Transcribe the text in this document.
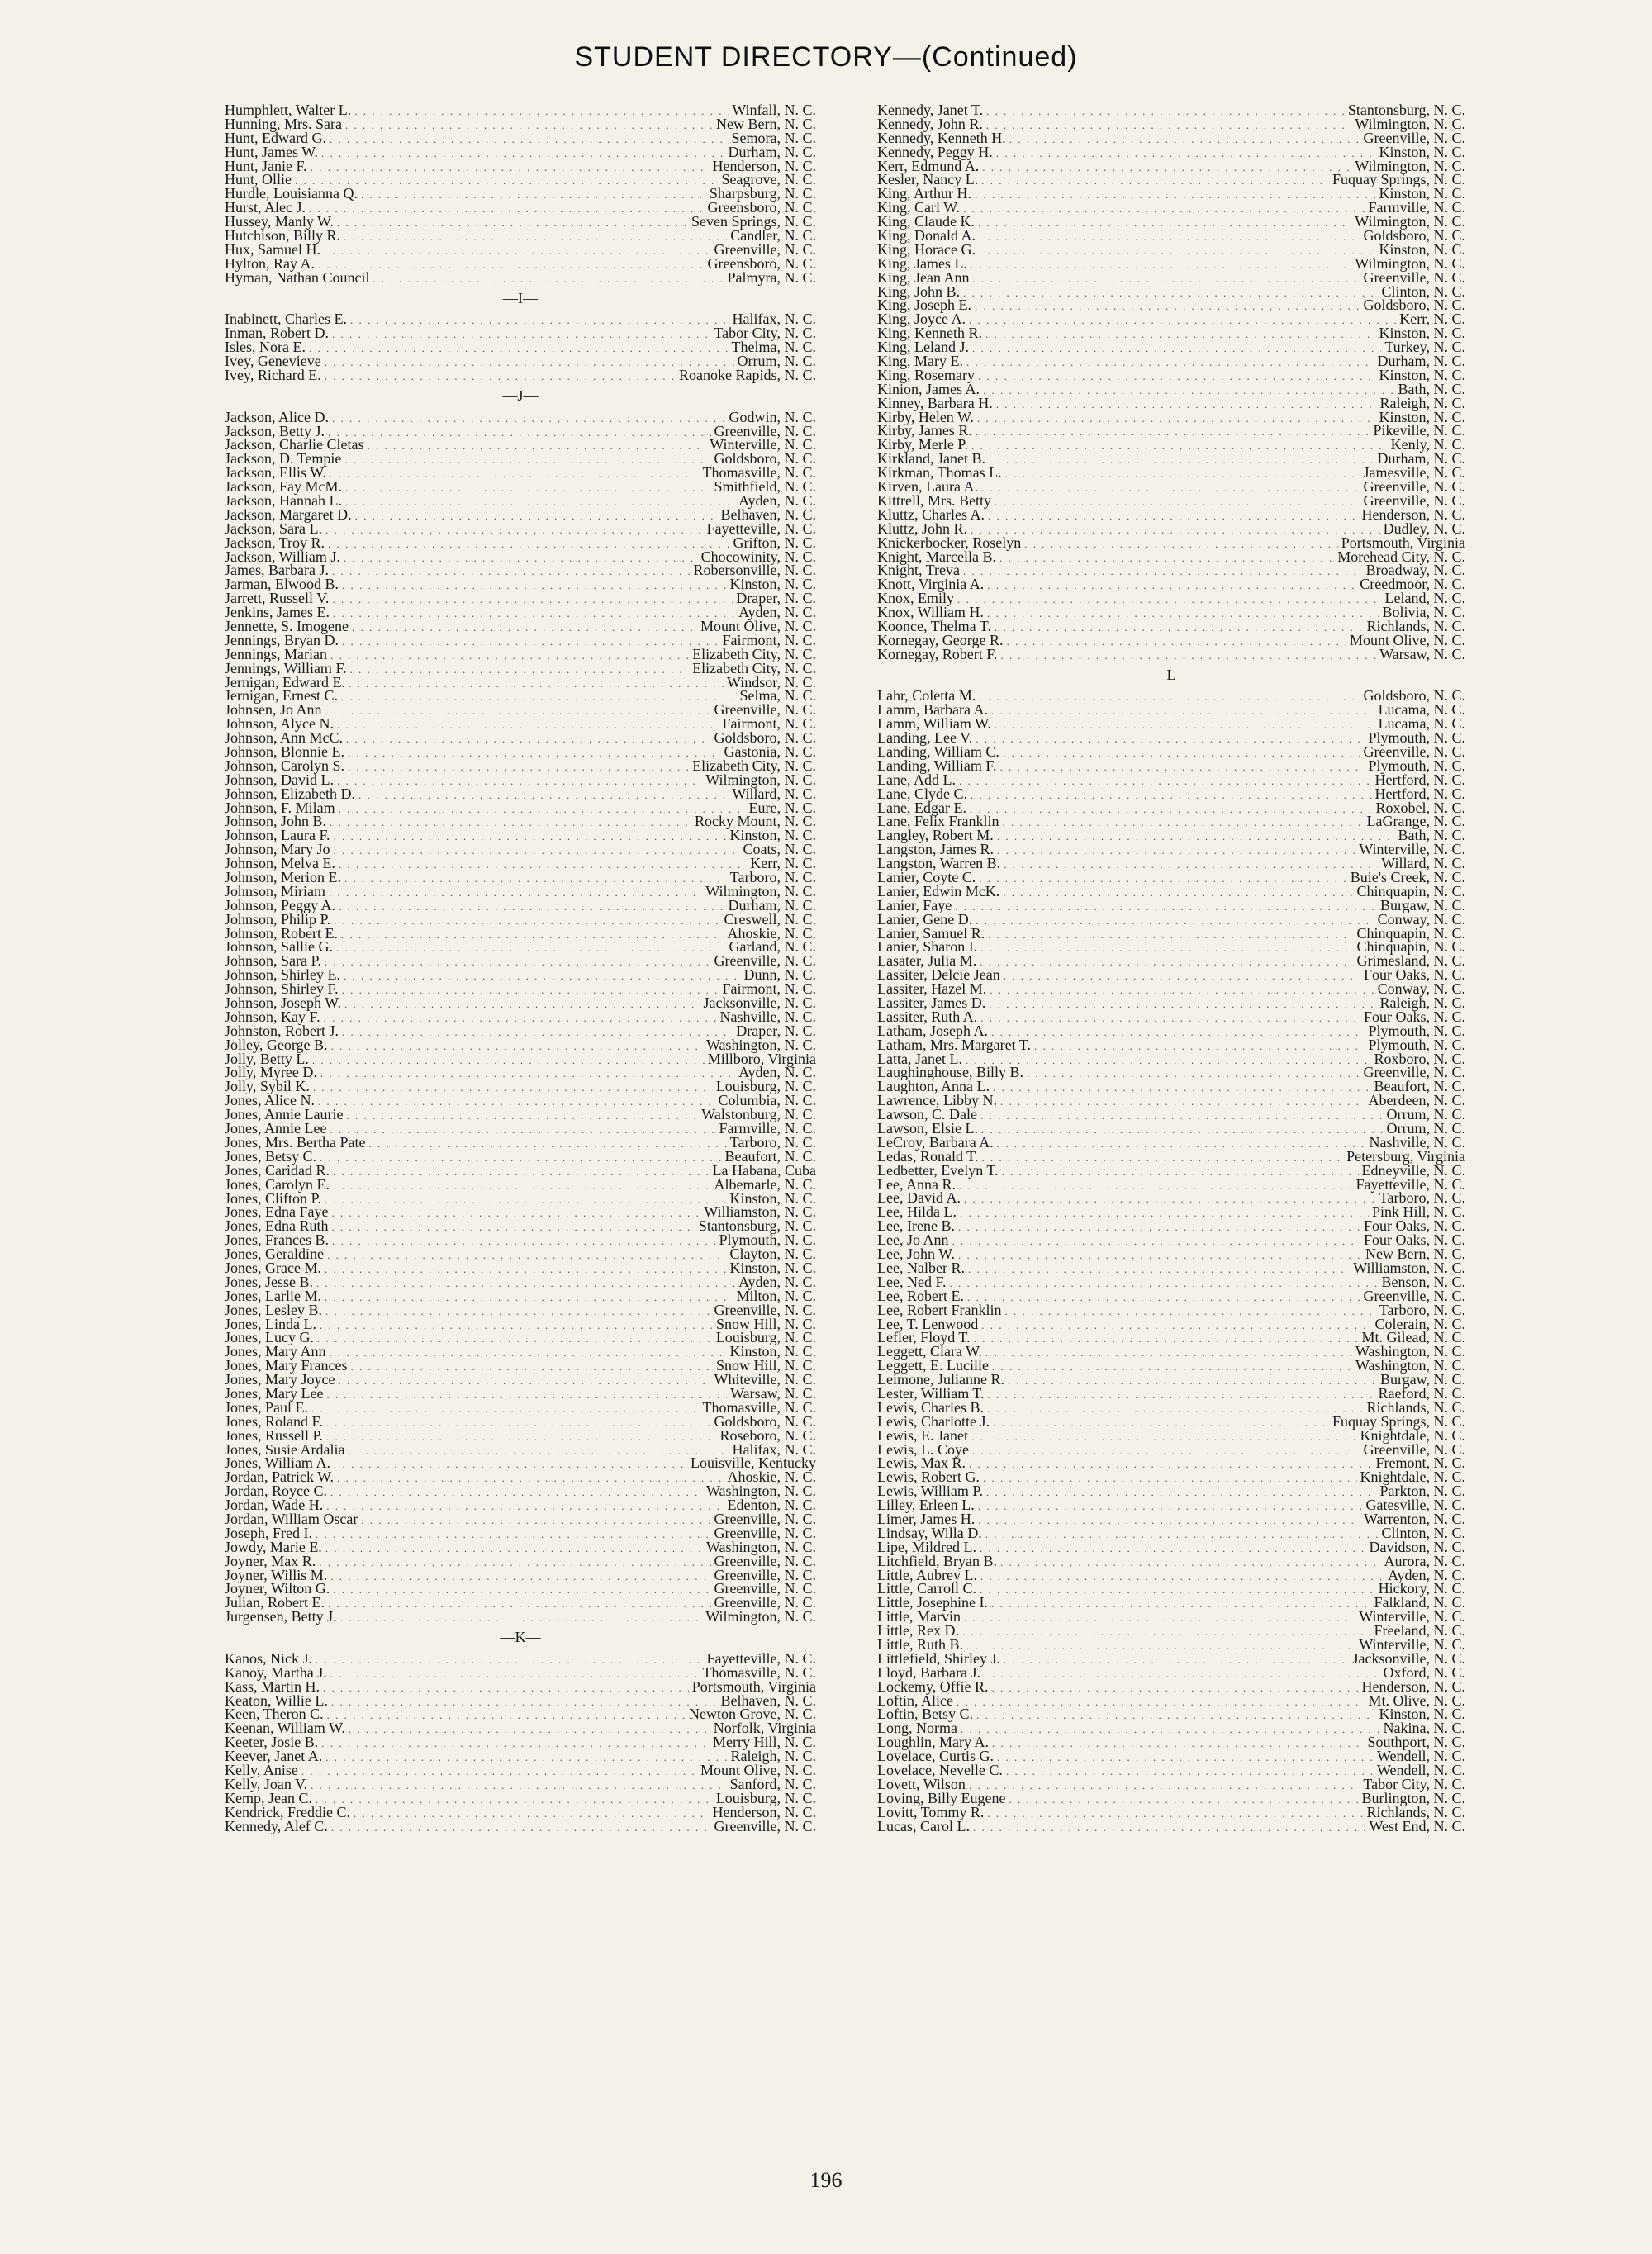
STUDENT DIRECTORY—(Continued)
Humphlett, Walter L. . . .	Winfall, N. C.
Hunning, Mrs. Sara . . .	New Bern, N. C.
Hunt, Edward G. . . .	Semora, N. C.
Hunt, James W. . . .	Durham, N. C.
Hunt, Janie F. . . .	Henderson, N. C.
Hunt, Ollie . . .	Seagrove, N. C.
Hurdle, Louisianna Q. . . .	Sharpsburg, N. C.
Hurst, Alec J. . . .	Greensboro, N. C.
Hussey, Manly W. . . .	Seven Springs, N. C.
Hutchison, Billy R. . . .	Candler, N. C.
Hux, Samuel H. . . .	Greenville, N. C.
Hylton, Ray A. . . .	Greensboro, N. C.
Hyman, Nathan Council . . .	Palmyra, N. C.
—I—
Inabinett, Charles E. . . .	Halifax, N. C.
Inman, Robert D. . . .	Tabor City, N. C.
Isles, Nora E. . . .	Thelma, N. C.
Ivey, Genevieve . . .	Orrum, N. C.
Ivey, Richard E. . . .	Roanoke Rapids, N. C.
—J—
Jackson, Alice D. . . .	Godwin, N. C.
Jackson, Betty J. . . .	Greenville, N. C.
Jackson, Charlie Cletas . . .	Winterville, N. C.
Jackson, D. Tempie . . .	Goldsboro, N. C.
Jackson, Ellis W. . . .	Thomasville, N. C.
Jackson, Fay McM. . . .	Smithfield, N. C.
Jackson, Hannah L. . . .	Ayden, N. C.
Jackson, Margaret D. . . .	Belhaven, N. C.
Jackson, Sara L. . . .	Fayetteville, N. C.
Jackson, Troy R. . . .	Grifton, N. C.
Jackson, William J. . . .	Chocowinity, N. C.
James, Barbara J. . . .	Robersonville, N. C.
Jarman, Elwood B. . . .	Kinston, N. C.
Jarrett, Russell V. . . .	Draper, N. C.
Jenkins, James E. . . .	Ayden, N. C.
Jennette, S. Imogene . . .	Mount Olive, N. C.
Jennings, Bryan D. . . .	Fairmont, N. C.
Jennings, Marian . . .	Elizabeth City, N. C.
Jennings, William F. . . .	Elizabeth City, N. C.
Jernigan, Edward E. . . .	Windsor, N. C.
Jernigan, Ernest C. . . .	Selma, N. C.
Johnsen, Jo Ann . . .	Greenville, N. C.
Johnson, Alyce N. . . .	Fairmont, N. C.
Johnson, Ann McC. . . .	Goldsboro, N. C.
Johnson, Blonnie E. . . .	Gastonia, N. C.
Johnson, Carolyn S. . . .	Elizabeth City, N. C.
Johnson, David L. . . .	Wilmington, N. C.
Johnson, Elizabeth D. . . .	Willard, N. C.
Johnson, F. Milam . . .	Eure, N. C.
Johnson, John B. . . .	Rocky Mount, N. C.
Johnson, Laura F. . . .	Kinston, N. C.
Johnson, Mary Jo . . .	Coats, N. C.
Johnson, Melva E. . . .	Kerr, N. C.
Johnson, Merion E. . . .	Tarboro, N. C.
Johnson, Miriam . . .	Wilmington, N. C.
Johnson, Peggy A. . . .	Durham, N. C.
Johnson, Philip P. . . .	Creswell, N. C.
Johnson, Robert E. . . .	Ahoskie, N. C.
Johnson, Sallie G. . . .	Garland, N. C.
Johnson, Sara P. . . .	Greenville, N. C.
Johnson, Shirley E. . . .	Dunn, N. C.
Johnson, Shirley F. . . .	Fairmont, N. C.
Johnson, Joseph W. . . .	Jacksonville, N. C.
Johnson, Kay F. . . .	Nashville, N. C.
Johnston, Robert J. . . .	Draper, N. C.
Jolley, George B. . . .	Washington, N. C.
Jolly, Betty L. . . .	Millboro, Virginia
Jolly, Myree D. . . .	Ayden, N. C.
Jolly, Sybil K. . . .	Louisburg, N. C.
Jones, Alice N. . . .	Columbia, N. C.
Jones, Annie Laurie . . .	Walstonburg, N. C.
Jones, Annie Lee . . .	Farmville, N. C.
Jones, Mrs. Bertha Pate . . .	Tarboro, N. C.
Jones, Betsy C. . . .	Beaufort, N. C.
Jones, Caridad R. . . .	La Habana, Cuba
Jones, Carolyn E. . . .	Albemarle, N. C.
Jones, Clifton P. . . .	Kinston, N. C.
Jones, Edna Faye . . .	Williamston, N. C.
Jones, Edna Ruth . . .	Stantonsburg, N. C.
Jones, Frances B. . . .	Plymouth, N. C.
Jones, Geraldine . . .	Clayton, N. C.
Jones, Grace M. . . .	Kinston, N. C.
Jones, Jesse B. . . .	Ayden, N. C.
Jones, Larlie M. . . .	Milton, N. C.
Jones, Lesley B. . . .	Greenville, N. C.
Jones, Linda L. . . .	Snow Hill, N. C.
Jones, Lucy G. . . .	Louisburg, N. C.
Jones, Mary Ann . . .	Kinston, N. C.
Jones, Mary Frances . . .	Snow Hill, N. C.
Jones, Mary Joyce . . .	Whiteville, N. C.
Jones, Mary Lee . . .	Warsaw, N. C.
Jones, Paul E. . . .	Thomasville, N. C.
Jones, Roland F. . . .	Goldsboro, N. C.
Jones, Russell P. . . .	Roseboro, N. C.
Jones, Susie Ardalia . . .	Halifax, N. C.
Jones, William A. . . .	Louisville, Kentucky
Jordan, Patrick W. . . .	Ahoskie, N. C.
Jordan, Royce C. . . .	Washington, N. C.
Jordan, Wade H. . . .	Edenton, N. C.
Jordan, William Oscar . . .	Greenville, N. C.
Joseph, Fred I. . . .	Greenville, N. C.
Jowdy, Marie E. . . .	Washington, N. C.
Joyner, Max R. . . .	Greenville, N. C.
Joyner, Willis M. . . .	Greenville, N. C.
Joyner, Wilton G. . . .	Greenville, N. C.
Julian, Robert E. . . .	Greenville, N. C.
Jurgensen, Betty J. . . .	Wilmington, N. C.
—K—
Kanos, Nick J. . . .	Fayetteville, N. C.
Kanoy, Martha J. . . .	Thomasville, N. C.
Kass, Martin H. . . .	Portsmouth, Virginia
Keaton, Willie L. . . .	Belhaven, N. C.
Keen, Theron C. . . .	Newton Grove, N. C.
Keenan, William W. . . .	Norfolk, Virginia
Keeter, Josie B. . . .	Merry Hill, N. C.
Keever, Janet A. . . .	Raleigh, N. C.
Kelly, Anise . . .	Mount Olive, N. C.
Kelly, Joan V. . . .	Sanford, N. C.
Kemp, Jean C. . . .	Louisburg, N. C.
Kendrick, Freddie C. . . .	Henderson, N. C.
Kennedy, Alef C. . . .	Greenville, N. C.
Kennedy, Janet T. . . .	Stantonsburg, N. C.
Kennedy, John R. . . .	Wilmington, N. C.
Kennedy, Kenneth H. . . .	Greenville, N. C.
Kennedy, Peggy H. . . .	Kinston, N. C.
Kerr, Edmund A. . . .	Wilmington, N. C.
Kesler, Nancy L. . . .	Fuquay Springs, N. C.
King, Arthur H. . . .	Kinston, N. C.
King, Carl W. . . .	Farmville, N. C.
King, Claude K. . . .	Wilmington, N. C.
King, Donald A. . . .	Goldsboro, N. C.
King, Horace G. . . .	Kinston, N. C.
King, James L. . . .	Wilmington, N. C.
King, Jean Ann . . .	Greenville, N. C.
King, John B. . . .	Clinton, N. C.
King, Joseph E. . . .	Goldsboro, N. C.
King, Joyce A. . . .	Kerr, N. C.
King, Kenneth R. . . .	Kinston, N. C.
King, Leland J. . . .	Turkey, N. C.
King, Mary E. . . .	Durham, N. C.
King, Rosemary . . .	Kinston, N. C.
Kinion, James A. . . .	Bath, N. C.
Kinney, Barbara H. . . .	Raleigh, N. C.
Kirby, Helen W. . . .	Kinston, N. C.
Kirby, James R. . . .	Pikeville, N. C.
Kirby, Merle P. . . .	Kenly, N. C.
Kirkland, Janet B. . . .	Durham, N. C.
Kirkman, Thomas L. . . .	Jamesville, N. C.
Kirven, Laura A. . . .	Greenville, N. C.
Kittrell, Mrs. Betty . . .	Greenville, N. C.
Kluttz, Charles A. . . .	Henderson, N. C.
Kluttz, John R. . . .	Dudley, N. C.
Knickerbocker, Roselyn . . .	Portsmouth, Virginia
Knight, Marcella B. . . .	Morehead City, N. C.
Knight, Treva . . .	Broadway, N. C.
Knott, Virginia A. . . .	Creedmoor, N. C.
Knox, Emily . . .	Leland, N. C.
Knox, William H. . . .	Bolivia, N. C.
Koonce, Thelma T. . . .	Richlands, N. C.
Kornegay, George R. . . .	Mount Olive, N. C.
Kornegay, Robert F. . . .	Warsaw, N. C.
—L—
Lahr, Coletta M. . . .	Goldsboro, N. C.
Lamm, Barbara A. . . .	Lucama, N. C.
Lamm, William W. . . .	Lucama, N. C.
Landing, Lee V. . . .	Plymouth, N. C.
Landing, William C. . . .	Greenville, N. C.
Landing, William F. . . .	Plymouth, N. C.
Lane, Add L. . . .	Hertford, N. C.
Lane, Clyde C. . . .	Hertford, N. C.
Lane, Edgar E. . . .	Roxobel, N. C.
Lane, Felix Franklin . . .	LaGrange, N. C.
Langley, Robert M. . . .	Bath, N. C.
Langston, James R. . . .	Winterville, N. C.
Langston, Warren B. . . .	Willard, N. C.
Lanier, Coyte C. . . .	Buie's Creek, N. C.
Lanier, Edwin McK. . . .	Chinquapin, N. C.
Lanier, Faye . . .	Burgaw, N. C.
Lanier, Gene D. . . .	Conway, N. C.
Lanier, Samuel R. . . .	Chinquapin, N. C.
Lanier, Sharon I. . . .	Chinquapin, N. C.
Lasater, Julia M. . . .	Grimesland, N. C.
Lassiter, Delcie Jean . . .	Four Oaks, N. C.
Lassiter, Hazel M. . . .	Conway, N. C.
Lassiter, James D. . . .	Raleigh, N. C.
Lassiter, Ruth A. . . .	Four Oaks, N. C.
Latham, Joseph A. . . .	Plymouth, N. C.
Latham, Mrs. Margaret T. . . .	Plymouth, N. C.
Latta, Janet L. . . .	Roxboro, N. C.
Laughinghouse, Billy B. . . .	Greenville, N. C.
Laughton, Anna L. . . .	Beaufort, N. C.
Lawrence, Libby N. . . .	Aberdeen, N. C.
Lawson, C. Dale . . .	Orrum, N. C.
Lawson, Elsie L. . . .	Orrum, N. C.
LeCroy, Barbara A. . . .	Nashville, N. C.
Ledas, Ronald T. . . .	Petersburg, Virginia
Ledbetter, Evelyn T. . . .	Edneyville, N. C.
Lee, Anna R. . . .	Fayetteville, N. C.
Lee, David A. . . .	Tarboro, N. C.
Lee, Hilda L. . . .	Pink Hill, N. C.
Lee, Irene B. . . .	Four Oaks, N. C.
Lee, Jo Ann . . .	Four Oaks, N. C.
Lee, John W. . . .	New Bern, N. C.
Lee, Nalber R. . . .	Williamston, N. C.
Lee, Ned F. . . .	Benson, N. C.
Lee, Robert E. . . .	Greenville, N. C.
Lee, Robert Franklin . . .	Tarboro, N. C.
Lee, T. Lenwood . . .	Colerain, N. C.
Lefler, Floyd T. . . .	Mt. Gilead, N. C.
Leggett, Clara W. . . .	Washington, N. C.
Leggett, E. Lucille . . .	Washington, N. C.
Leimone, Julianne R. . . .	Burgaw, N. C.
Lester, William T. . . .	Raeford, N. C.
Lewis, Charles B. . . .	Richlands, N. C.
Lewis, Charlotte J. . . .	Fuquay Springs, N. C.
Lewis, E. Janet . . .	Knightdale, N. C.
Lewis, L. Coye . . .	Greenville, N. C.
Lewis, Max R. . . .	Fremont, N. C.
Lewis, Robert G. . . .	Knightdale, N. C.
Lewis, William P. . . .	Parkton, N. C.
Lilley, Erleen L. . . .	Gatesville, N. C.
Limer, James H. . . .	Warrenton, N. C.
Lindsay, Willa D. . . .	Clinton, N. C.
Lipe, Mildred L. . . .	Davidson, N. C.
Litchfield, Bryan B. . . .	Aurora, N. C.
Little, Aubrey L. . . .	Ayden, N. C.
Little, Carroll C. . . .	Hickory, N. C.
Little, Josephine I. . . .	Falkland, N. C.
Little, Marvin . . .	Winterville, N. C.
Little, Rex D. . . .	Freeland, N. C.
Little, Ruth B. . . .	Winterville, N. C.
Littlefield, Shirley J. . . .	Jacksonville, N. C.
Lloyd, Barbara J. . . .	Oxford, N. C.
Lockemy, Offie R. . . .	Henderson, N. C.
Loftin, Alice . . .	Mt. Olive, N. C.
Loftin, Betsy C. . . .	Kinston, N. C.
Long, Norma . . .	Nakina, N. C.
Loughlin, Mary A. . . .	Southport, N. C.
Lovelace, Curtis G. . . .	Wendell, N. C.
Lovelace, Nevelle C. . . .	Wendell, N. C.
Lovett, Wilson . . .	Tabor City, N. C.
Loving, Billy Eugene . . .	Burlington, N. C.
Lovitt, Tommy R. . . .	Richlands, N. C.
Lucas, Carol L. . . .	West End, N. C.
196
